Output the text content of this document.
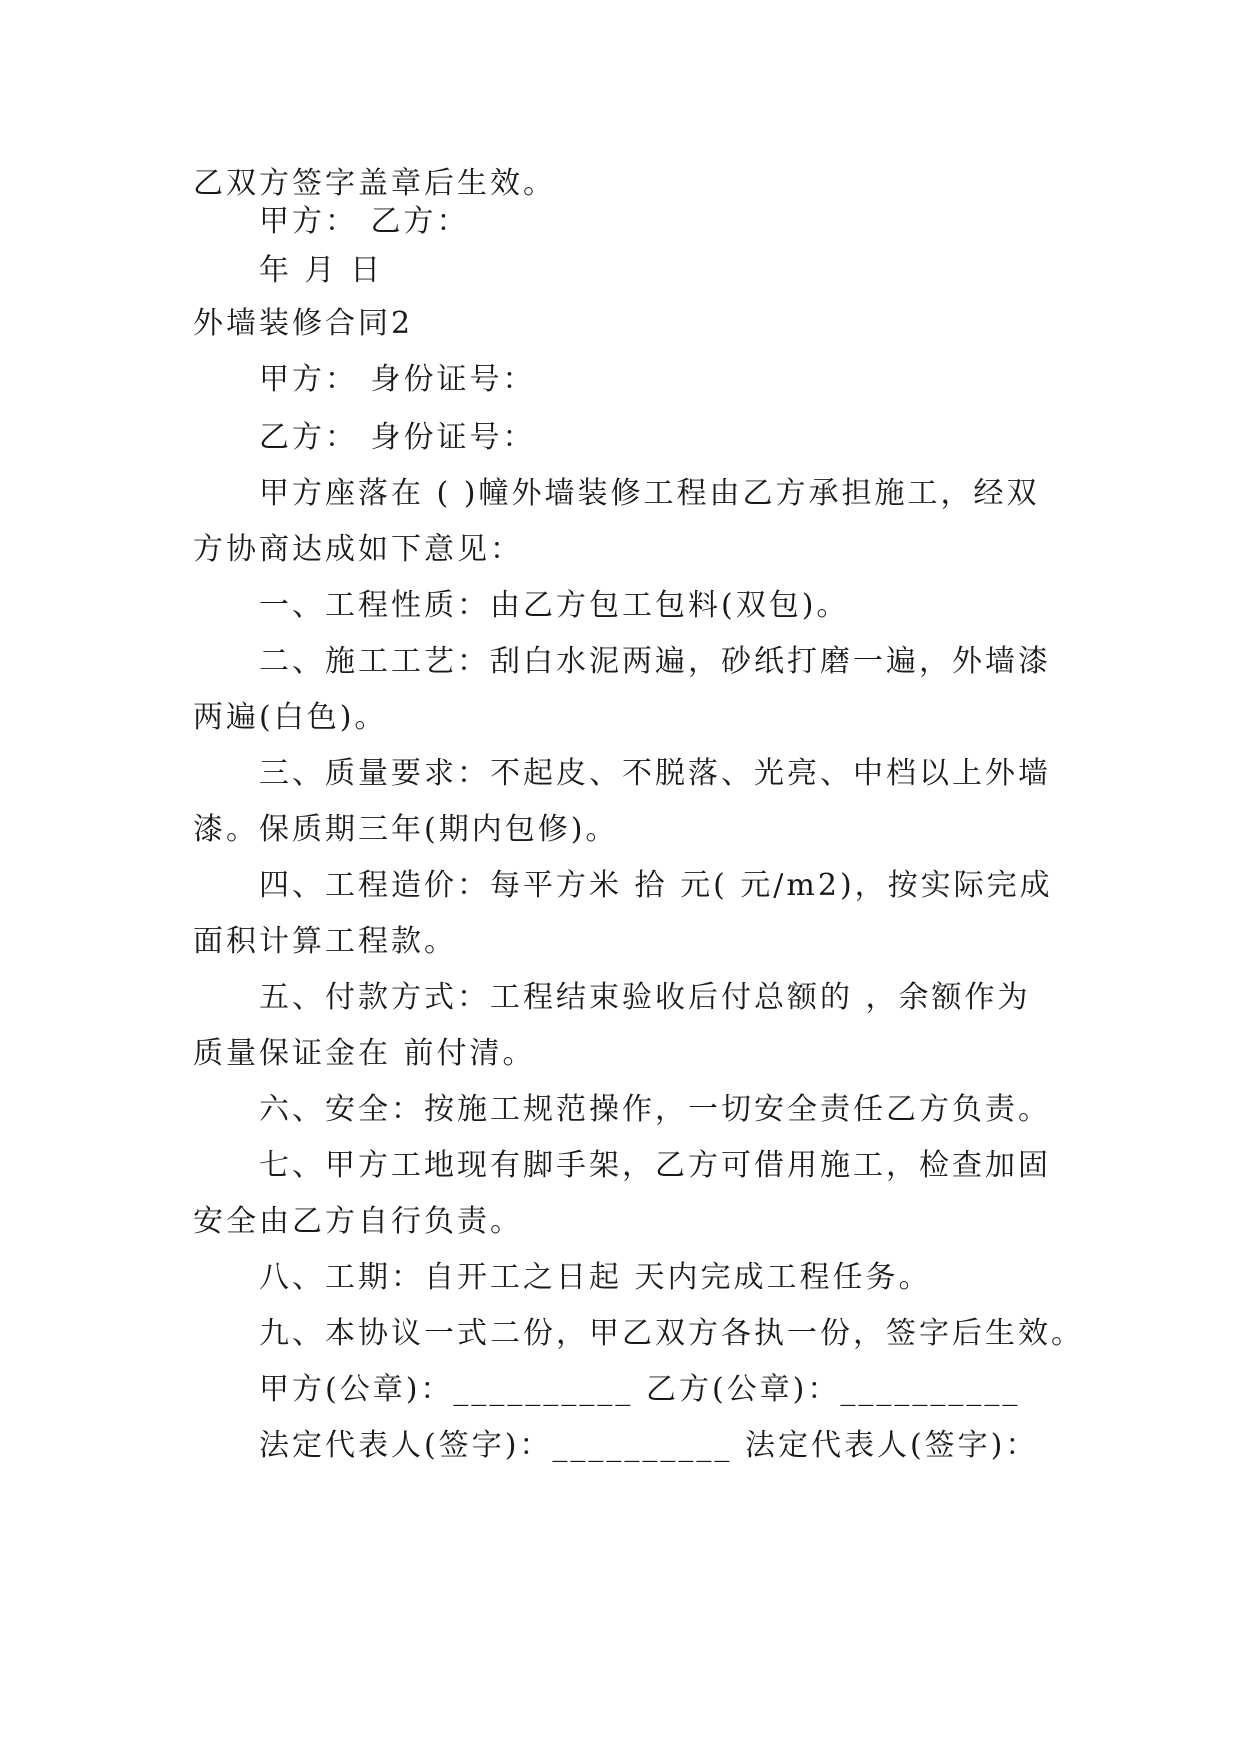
乙双方签字盖章后生效。
甲方： 乙方：
年 月 日
外墙装修合同2
甲方： 身份证号：
乙方： 身份证号：
甲方座落在 ( )幢外墙装修工程由乙方承担施工，经双
方协商达成如下意见：
一、工程性质：由乙方包工包料(双包)。
二、施工工艺：刮白水泥两遍，砂纸打磨一遍，外墙漆
两遍(白色)。
三、质量要求：不起皮、不脱落、光亮、中档以上外墙
漆。保质期三年(期内包修)。
四、工程造价：每平方米 拾 元( 元/m2)，按实际完成
面积计算工程款。
五、付款方式：工程结束验收后付总额的 ，余额作为
质量保证金在 前付清。
六、安全：按施工规范操作，一切安全责任乙方负责。
七、甲方工地现有脚手架，乙方可借用施工，检查加固
安全由乙方自行负责。
八、工期：自开工之日起 天内完成工程任务。
九、本协议一式二份，甲乙双方各执一份，签字后生效。
甲方(公章)：__________ 乙方(公章)：__________
法定代表人(签字)：__________ 法定代表人(签字)：
